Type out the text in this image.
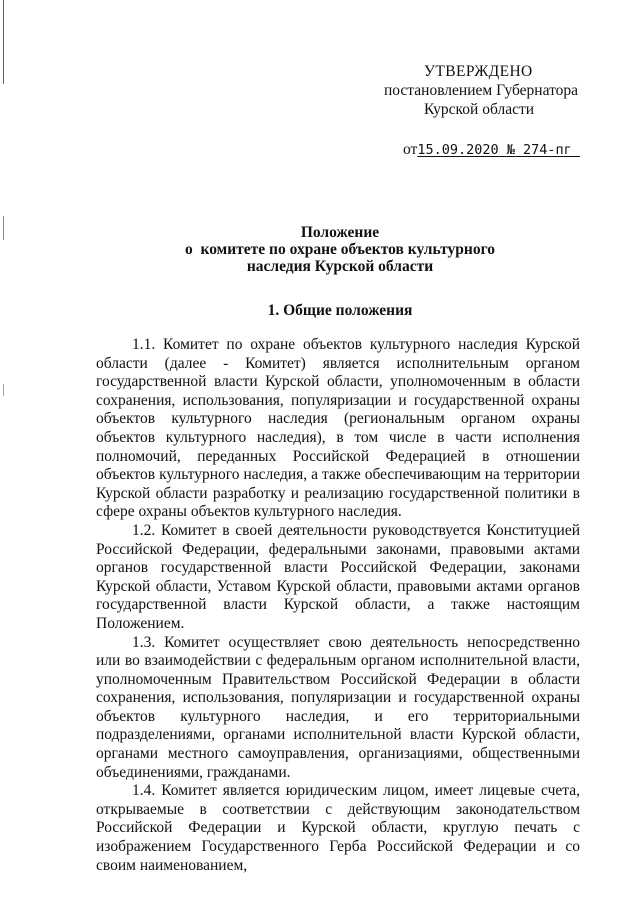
УТВЕРЖДЕНО
постановлением Губернатора
Курской области
от15.09.2020 № 274-пг
Положение
о  комитете по охране объектов культурного
наследия Курской области
1. Общие положения

1.1. Комитет по охране объектов культурного наследия Курской области (далее - Комитет) является исполнительным органом государственной власти Курской области, уполномоченным в области сохранения, использования, популяризации и государственной охраны объектов культурного наследия (региональным органом охраны объектов культурного наследия), в том числе в части исполнения полномочий, переданных Российской Федерацией в отношении объектов культурного наследия, а также обеспечивающим на территории Курской области разработку и реализацию государственной политики в сфере охраны объектов культурного наследия.

1.2. Комитет в своей деятельности руководствуется Конституцией Российской Федерации, федеральными законами, правовыми актами органов государственной власти Российской Федерации, законами Курской области, Уставом Курской области, правовыми актами органов государственной власти Курской области, а также настоящим Положением.

1.3. Комитет осуществляет свою деятельность непосредственно или во взаимодействии с федеральным органом исполнительной власти, уполномоченным Правительством Российской Федерации в области сохранения, использования, популяризации и государственной охраны объектов культурного наследия, и его территориальными подразделениями, органами исполнительной власти Курской области, органами местного самоуправления, организациями, общественными объединениями, гражданами.

1.4. Комитет является юридическим лицом, имеет лицевые счета, открываемые в соответствии с действующим законодательством Российской Федерации и Курской области, круглую печать с изображением Государственного Герба Российской Федерации и со своим наименованием,
